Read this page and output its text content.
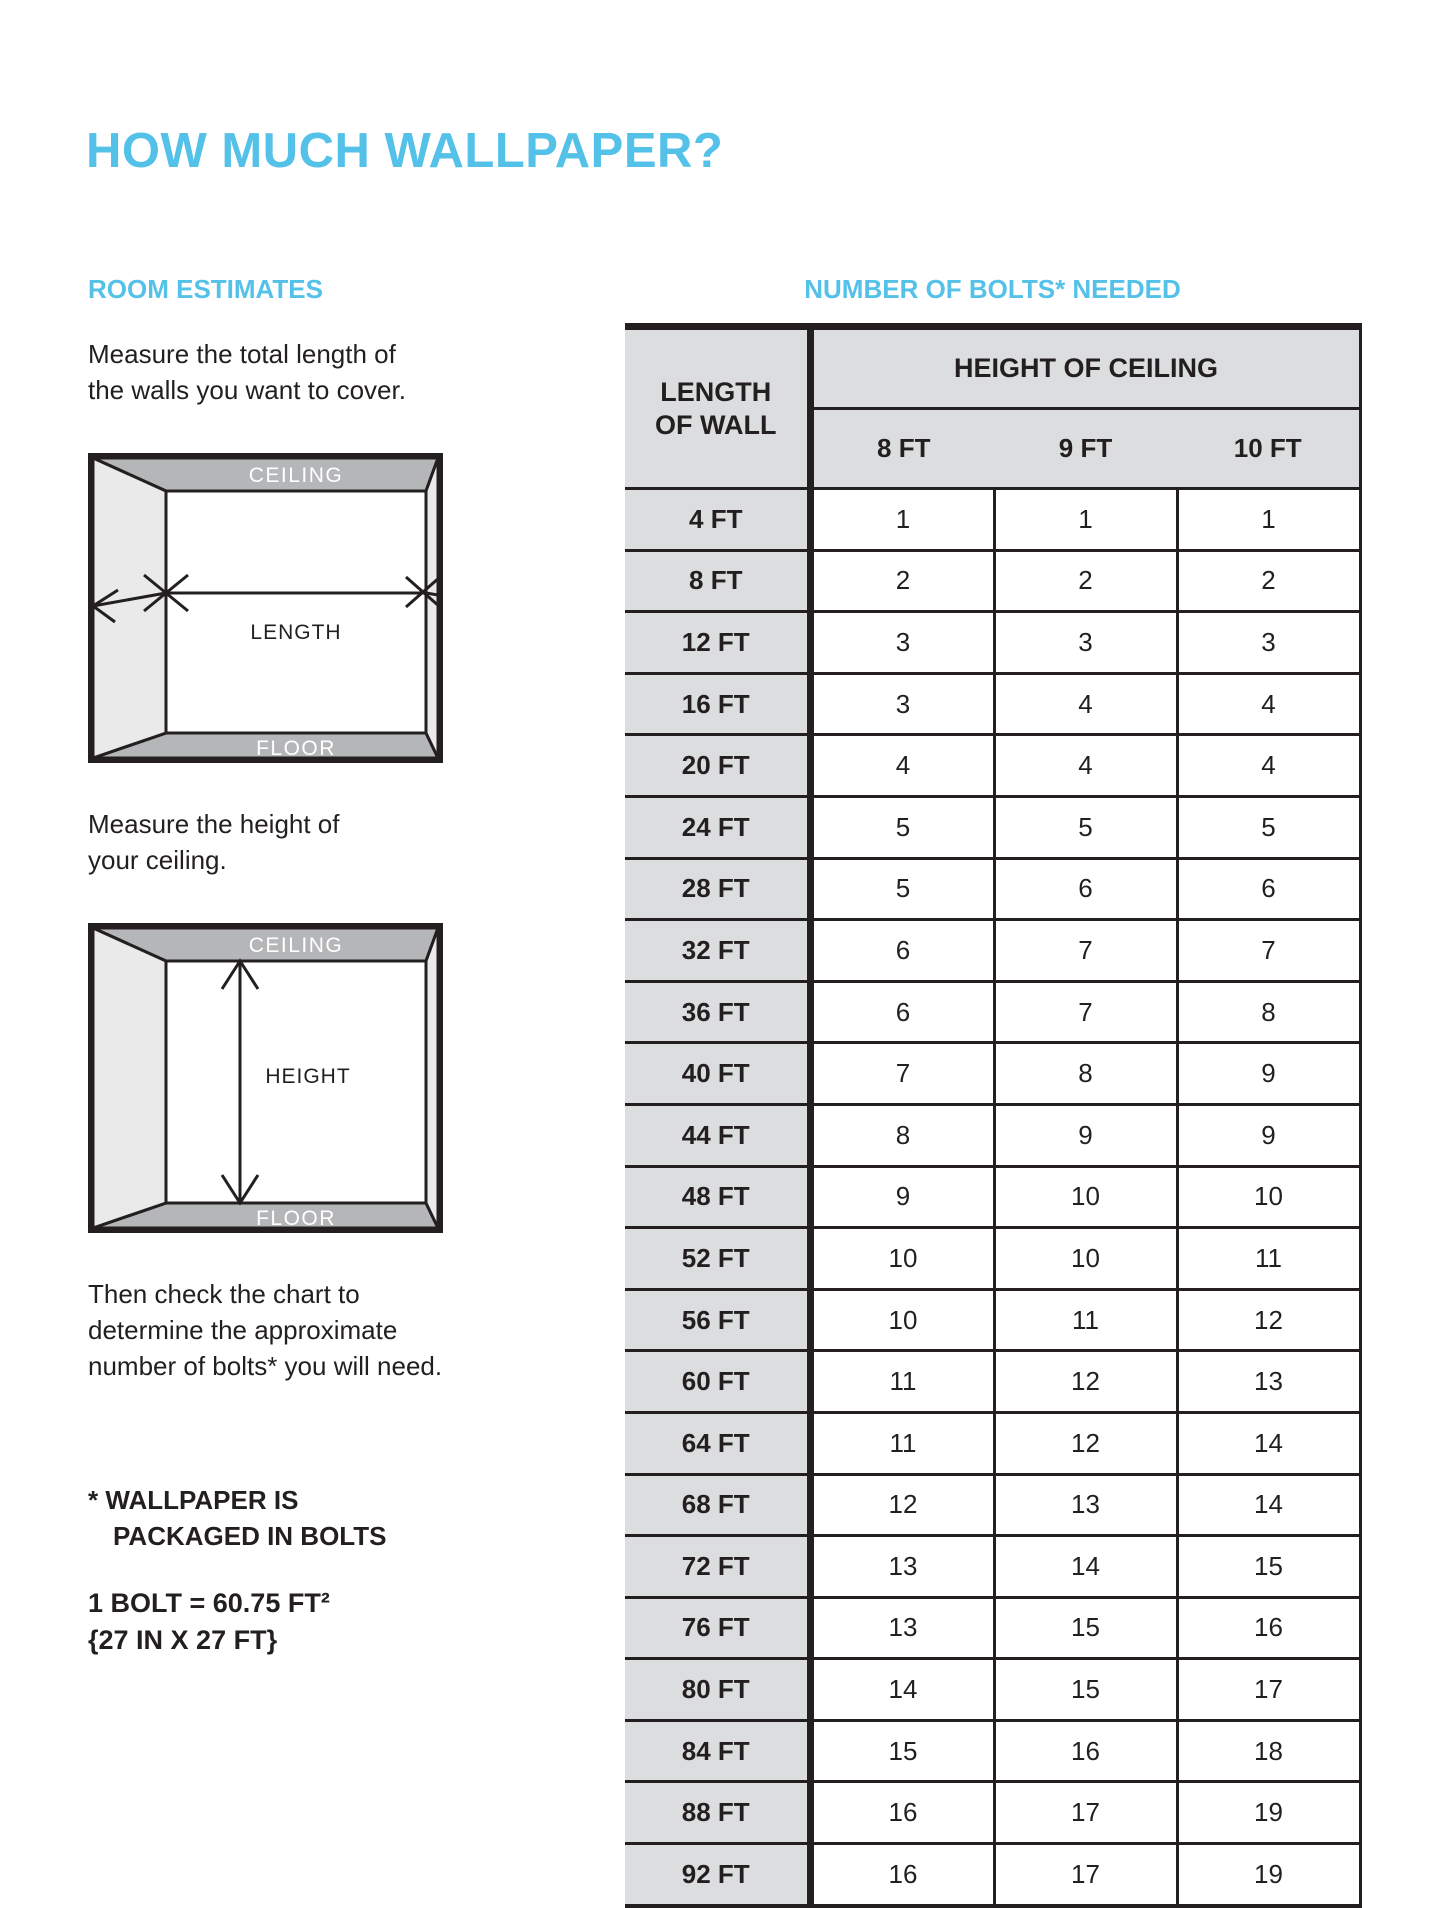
HOW MUCH WALLPAPER?
ROOM ESTIMATES	NUMBER OF BOLTS* NEEDED
Measure the total length of
the walls you want to cover.
CEILING
FLOOR
LENGTH
Measure the height of
your ceiling.
CEILING
FLOOR
HEIGHT
Then check the chart to
determine the approximate
number of bolts* you will need.
* WALLPAPER IS
PACKAGED IN BOLTS
1 BOLT = 60.75 FT²
{27 IN X 27 FT}
LENGTH
OF WALL	HEIGHT OF CEILING		
	8 FT	9 FT	10 FT
4 FT	1	1	1
8 FT	2	2	2
12 FT	3	3	3
16 FT	3	4	4
20 FT	4	4	4
24 FT	5	5	5
28 FT	5	6	6
32 FT	6	7	7
36 FT	6	7	8
40 FT	7	8	9
44 FT	8	9	9
48 FT	9	10	10
52 FT	10	10	11
56 FT	10	11	12
60 FT	11	12	13
64 FT	11	12	14
68 FT	12	13	14
72 FT	13	14	15
76 FT	13	15	16
80 FT	14	15	17
84 FT	15	16	18
88 FT	16	17	19
92 FT	16	17	19
